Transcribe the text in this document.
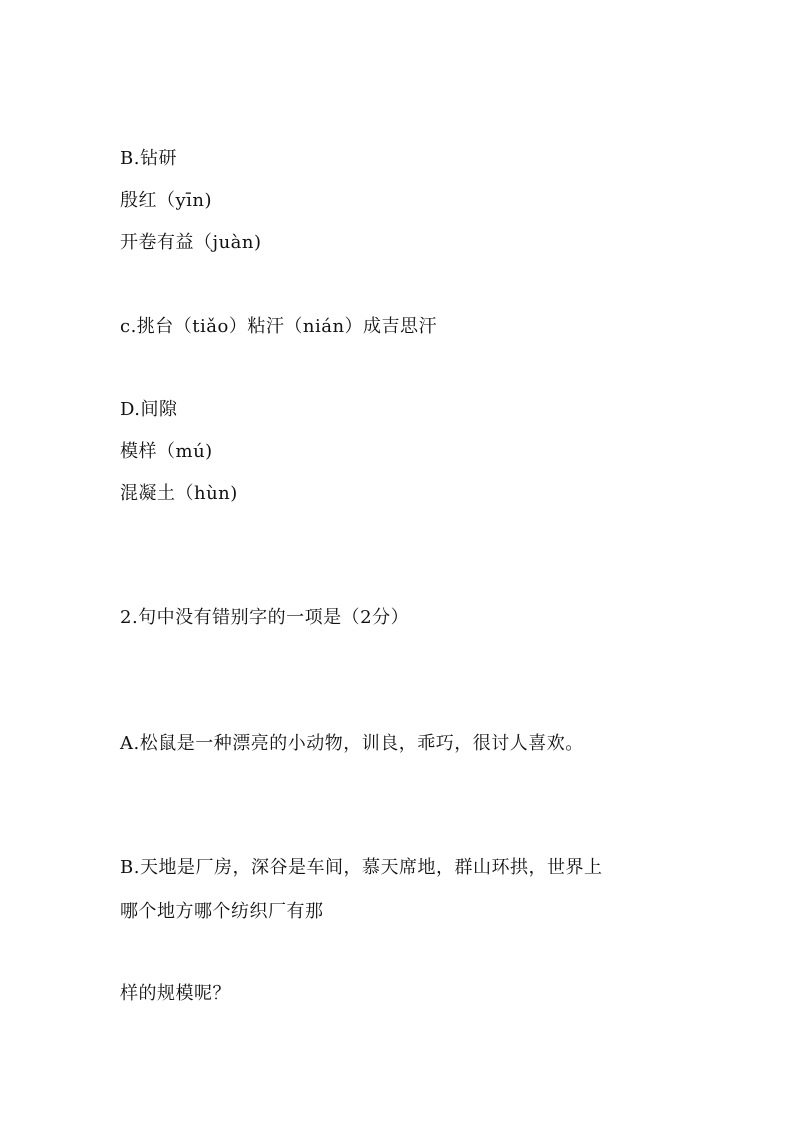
B.钻研
殷红（yīn)
开卷有益（juàn)
c.挑台（tiǎo）粘汗（nián）成吉思汗
D.间隙
模样（mú)
混凝土（hùn)
2.句中没有错别字的一项是（2分）
A.松鼠是一种漂亮的小动物，训良，乖巧，很讨人喜欢。
B.天地是厂房，深谷是车间，慕天席地，群山环拱，世界上
哪个地方哪个纺织厂有那
样的规模呢？
